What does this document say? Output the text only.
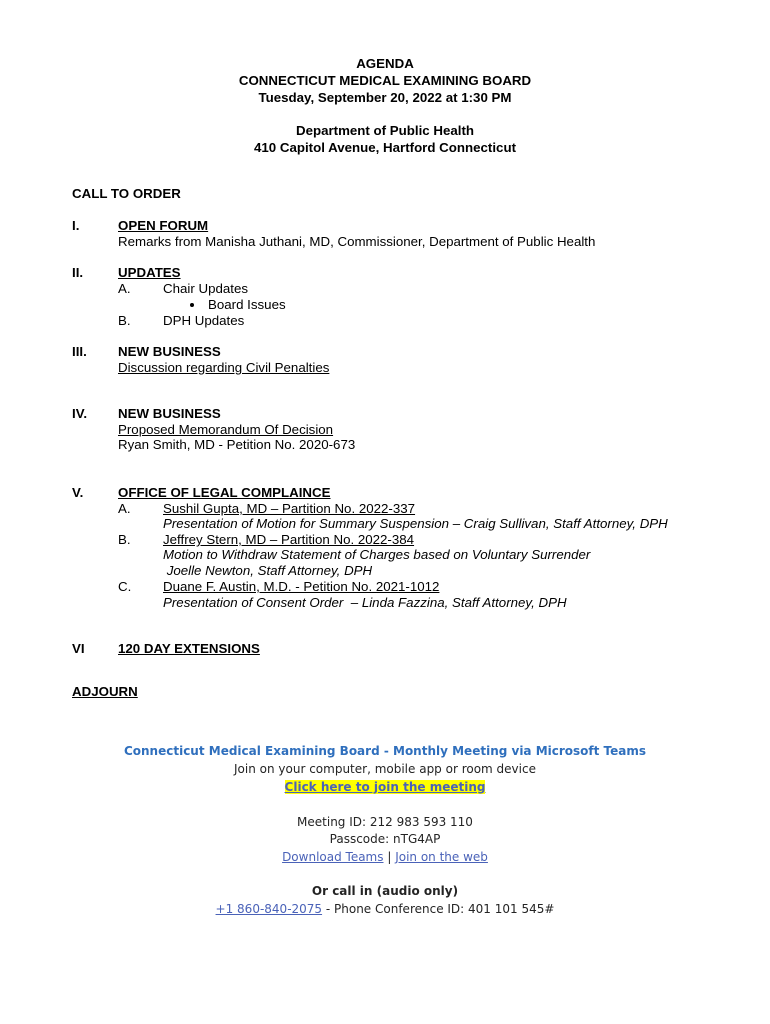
AGENDA
CONNECTICUT MEDICAL EXAMINING BOARD
Tuesday, September 20, 2022 at 1:30 PM
Department of Public Health
410 Capitol Avenue, Hartford Connecticut
CALL TO ORDER
I.	OPEN FORUM
Remarks from Manisha Juthani, MD, Commissioner, Department of Public Health
II.	UPDATES
A. Chair Updates
Board Issues
B. DPH Updates
III. NEW BUSINESS
Discussion regarding Civil Penalties
IV. NEW BUSINESS
Proposed Memorandum Of Decision
Ryan Smith, MD - Petition No. 2020-673
V.	OFFICE OF LEGAL COMPLAINCE
A. Sushil Gupta, MD – Partition No. 2022-337
Presentation of Motion for Summary Suspension – Craig Sullivan, Staff Attorney, DPH
B. Jeffrey Stern, MD – Partition No. 2022-384
Motion to Withdraw Statement of Charges based on Voluntary Surrender
Joelle Newton, Staff Attorney, DPH
C. Duane F. Austin, M.D. - Petition No. 2021-1012
Presentation of Consent Order  – Linda Fazzina, Staff Attorney, DPH
VI	120 DAY EXTENSIONS
ADJOURN
Connecticut Medical Examining Board - Monthly Meeting via Microsoft Teams
Join on your computer, mobile app or room device
Click here to join the meeting
Meeting ID: 212 983 593 110
Passcode: nTG4AP
Download Teams | Join on the web
Or call in (audio only)
+1 860-840-2075 - Phone Conference ID: 401 101 545#
